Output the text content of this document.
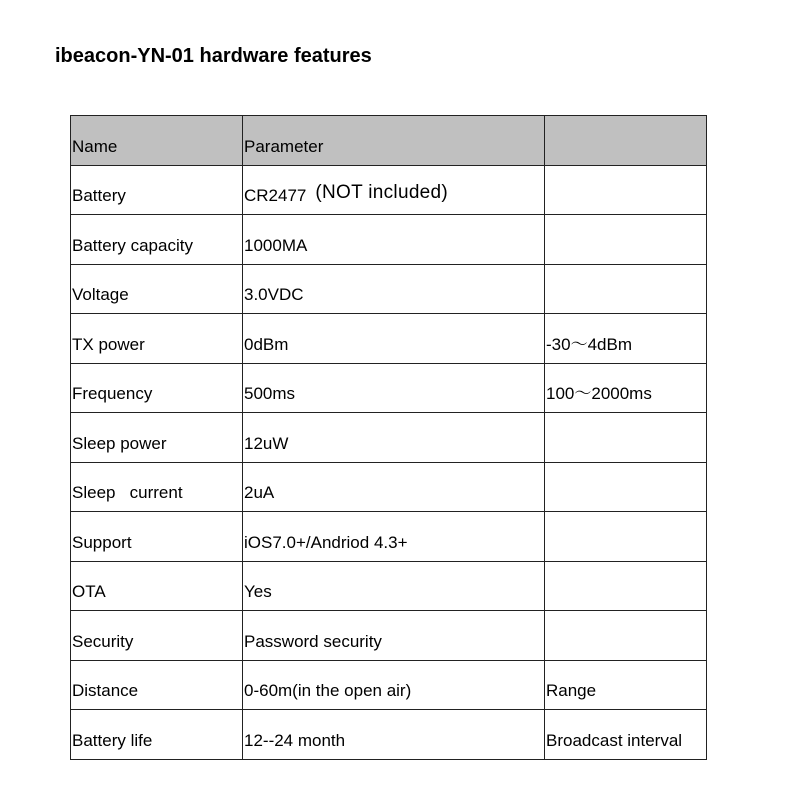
ibeacon-YN-01 hardware features
Name	Parameter
Battery	CR2477 (NOT included)
Battery capacity	1000MA
Voltage	3.0VDC
TX power	0dBm	-30～4dBm
Frequency	500ms	100～2000ms
Sleep power	12uW
Sleep   current	2uA
Support	iOS7.0+/Andriod 4.3+
OTA	Yes
Security	Password security
Distance	0-60m(in the open air)	Range
Battery life	12--24 month	Broadcast interval
